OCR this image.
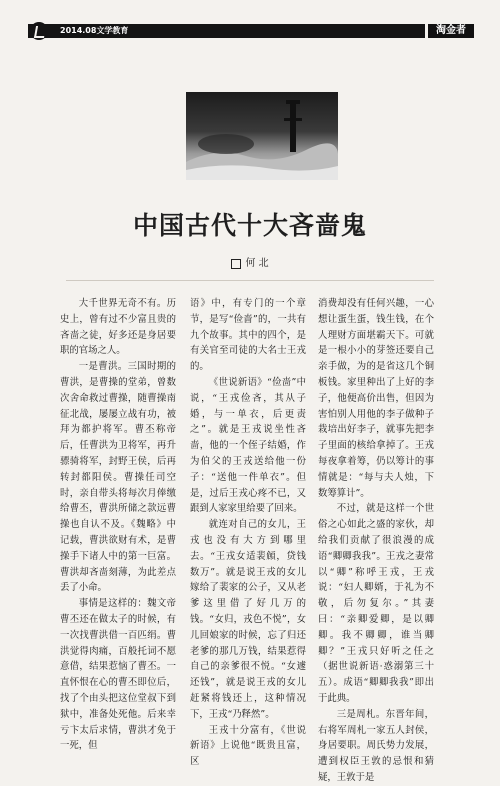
2014.08文学教育	淘金者
中国古代十大吝啬鬼
何 北

大千世界无奇不有。历史上，曾有过不少富且贵的吝啬之徒，好多还是身居要职的官场之人。

一是曹洪。三国时期的曹洪，是曹操的堂弟，曾数次舍命救过曹操，随曹操南征北战，屡屡立战有功，被拜为都护将军。曹丕称帝后，任曹洪为卫将军，再升骠骑将军，封野王侯，后再转封都阳侯。曹操任司空时，亲自带头将每次月俸缴给曹丕，曹洪所储之款远曹操也自认不及。《魏略》中记载，曹洪欲财有术，是曹操手下诸人中的第一巨富。曹洪却吝啬刻薄，为此差点丢了小命。

事情是这样的：魏文帝曹丕还在做太子的时候，有一次找曹洪借一百匹绢。曹洪觉得肉痛，百般托词不愿意借，结果惹恼了曹丕。一直怀恨在心的曹丕即位后，找了个由头把这位堂叔下到狱中，准备处死他。后来幸亏卞太后求情，曹洪才免于一死，但

语》中，有专门的一个章节，是写“俭啬”的，一共有九个故事。其中的四个，是有关官至司徒的大名士王戎的。

《世说新语》“俭啬”中说，“王戎俭吝，其从子婚，与一单衣，后更责之”。就是王戎说坐性吝啬，他的一个侄子结婚，作为伯父的王戎送给他一份子：“送他一件单衣”。但是，过后王戎心疼不已，又跟到人家家里给要了回来。

就连对自己的女儿，王戎也没有大方到哪里去。“王戎女适裴頠，贷钱数万”。就是说王戎的女儿嫁给了裴家的公子，又从老爹这里借了好几万的钱。“女归，戎色不悦”，女儿回娘家的时候，忘了归还老爹的那几万钱，结果惹得自己的亲爹很不悦。“女遽还钱”，就是说王戎的女儿赶紧将钱还上，这种情况下，王戎“乃释然”。

王戎十分富有，《世说新语》上说他“既贵且富，区

消费却没有任何兴趣，一心想让蛋生蛋，钱生钱，在个人理财方面堪霸天下。可就是一根小小的芽签还要自己亲手做，为的是省这几个铜板钱。家里种出了上好的李子，他便高价出售，但因为害怕别人用他的李子做种子栽培出好李子，就事先把李子里面的核给拿掉了。王戎每夜拿着筹，仍以筹计的事情就是：“每与夫人烛，下数筹算计”。

不过，就是这样一个世俗之心如此之盛的家伙，却给我们贡献了很浪漫的成语“卿卿我我”。王戎之妻常以“卿”称呼王戎，王戎说：“妇人卿婿，于礼为不敬，后勿复尔。”其妻曰：“亲卿爱卿，是以卿卿。我不卿卿，谁当卿卿？”王戎只好听之任之（据世说新语·惑溺第三十五）。成语“卿卿我我”即出于此典。

三是周札。东晋年间，右将军周札一家五人封侯，身居要职。周氏势力发展，遭到权臣王敦的忌恨和猜疑，王敦于是
